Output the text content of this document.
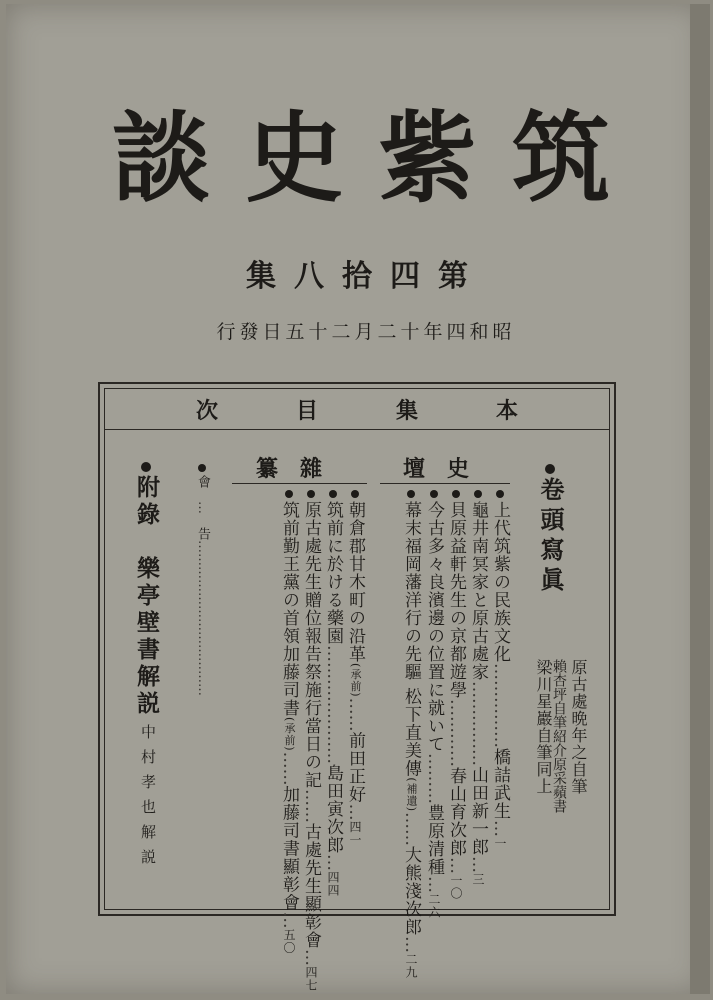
談 史 紫 筑
集八拾四第
行發日五十二月二十年四和昭
次目集本
卷頭寫眞
原古處晩年之自筆
賴杏坪自筆紹介原采蘋書
梁川星巖自筆同上
壇史
上代筑紫の民族文化……………橋詰武生…一
龜井南冥家と原古處家……………山田新一郎…三
貝原益軒先生の京都遊學…………春山育次郎…一〇
今古多々良濱邊の位置に就いて………豊原清種…二六
幕末福岡藩洋行の先驅 松下直美傳(補遺)……大熊淺次郎…二九
纂雜
朝倉郡甘木町の沿革(承前)……前田正好…四一
筑前に於ける藥園…………………島田寅次郎…四四
原古處先生贈位報告祭施行當日の記……古處先生顯彰會…四七
筑前勤王黨の首領加藤司書(承前)……加藤司書顯彰會…五〇
會　…　告………………………………
附錄　樂亭壁書解説
中村孝也解説
